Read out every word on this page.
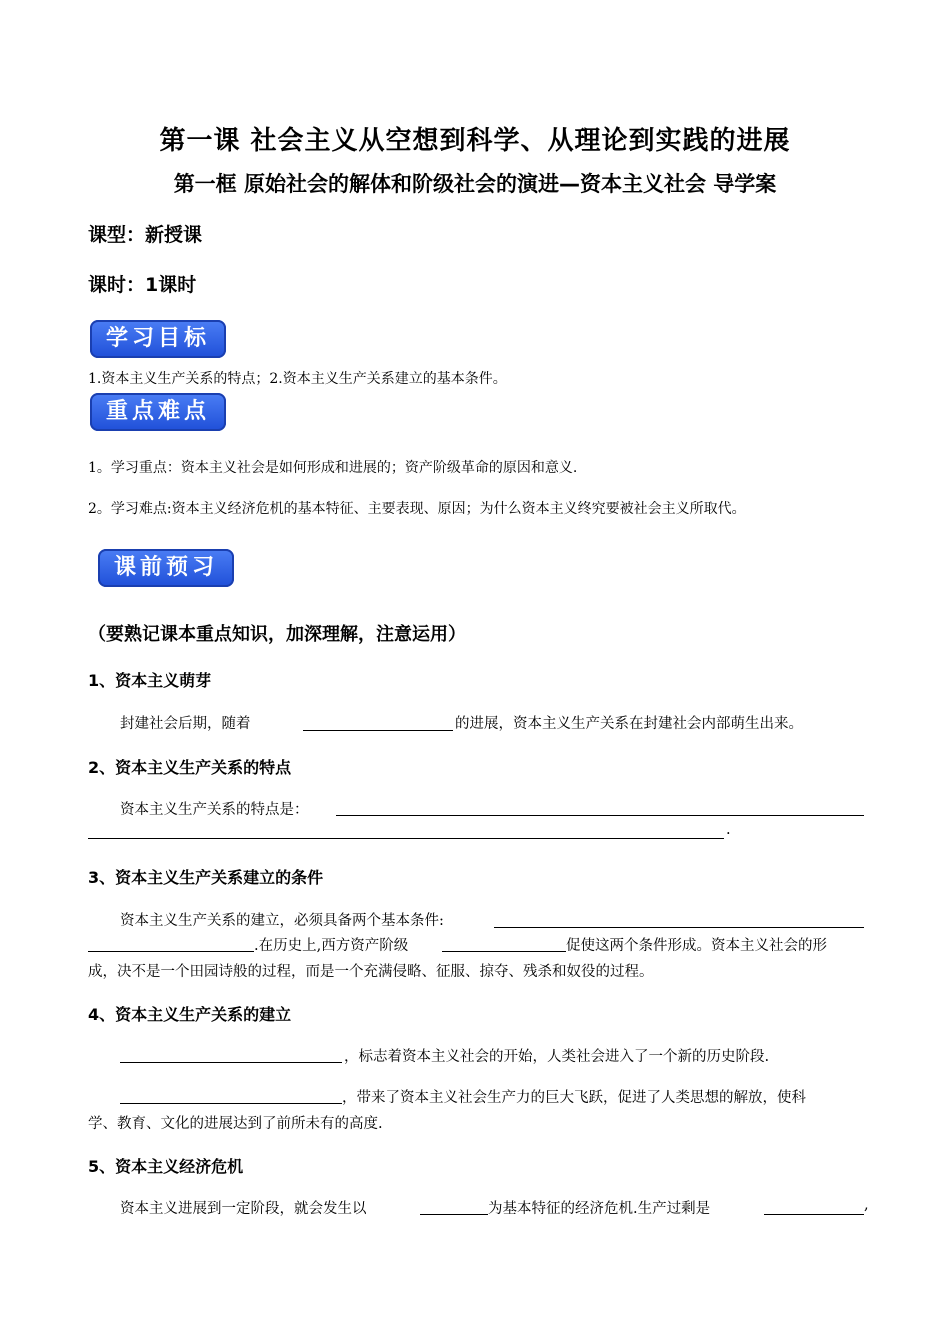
第一课 社会主义从空想到科学、从理论到实践的进展
第一框 原始社会的解体和阶级社会的演进—资本主义社会 导学案
课型：新授课
课时：1课时
学习目标
1.资本主义生产关系的特点；2.资本主义生产关系建立的基本条件。
重点难点
1。学习重点：资本主义社会是如何形成和进展的；资产阶级革命的原因和意义.
2。学习难点:资本主义经济危机的基本特征、主要表现、原因；为什么资本主义终究要被社会主义所取代。
课前预习
（要熟记课本重点知识，加深理解，注意运用）
1、资本主义萌芽
封建社会后期，随着	的进展，资本主义生产关系在封建社会内部萌生出来。
2、资本主义生产关系的特点
资本主义生产关系的特点是：
.
3、资本主义生产关系建立的条件
资本主义生产关系的建立，必须具备两个基本条件:
.在历史上,西方资产阶级	促使这两个条件形成。资本主义社会的形
成，决不是一个田园诗般的过程，而是一个充满侵略、征服、掠夺、残杀和奴役的过程。
4、资本主义生产关系的建立
，标志着资本主义社会的开始，人类社会进入了一个新的历史阶段.
，带来了资本主义社会生产力的巨大飞跃，促进了人类思想的解放，使科
学、教育、文化的进展达到了前所未有的高度.
5、资本主义经济危机
资本主义进展到一定阶段，就会发生以	为基本特征的经济危机.生产过剩是	,
